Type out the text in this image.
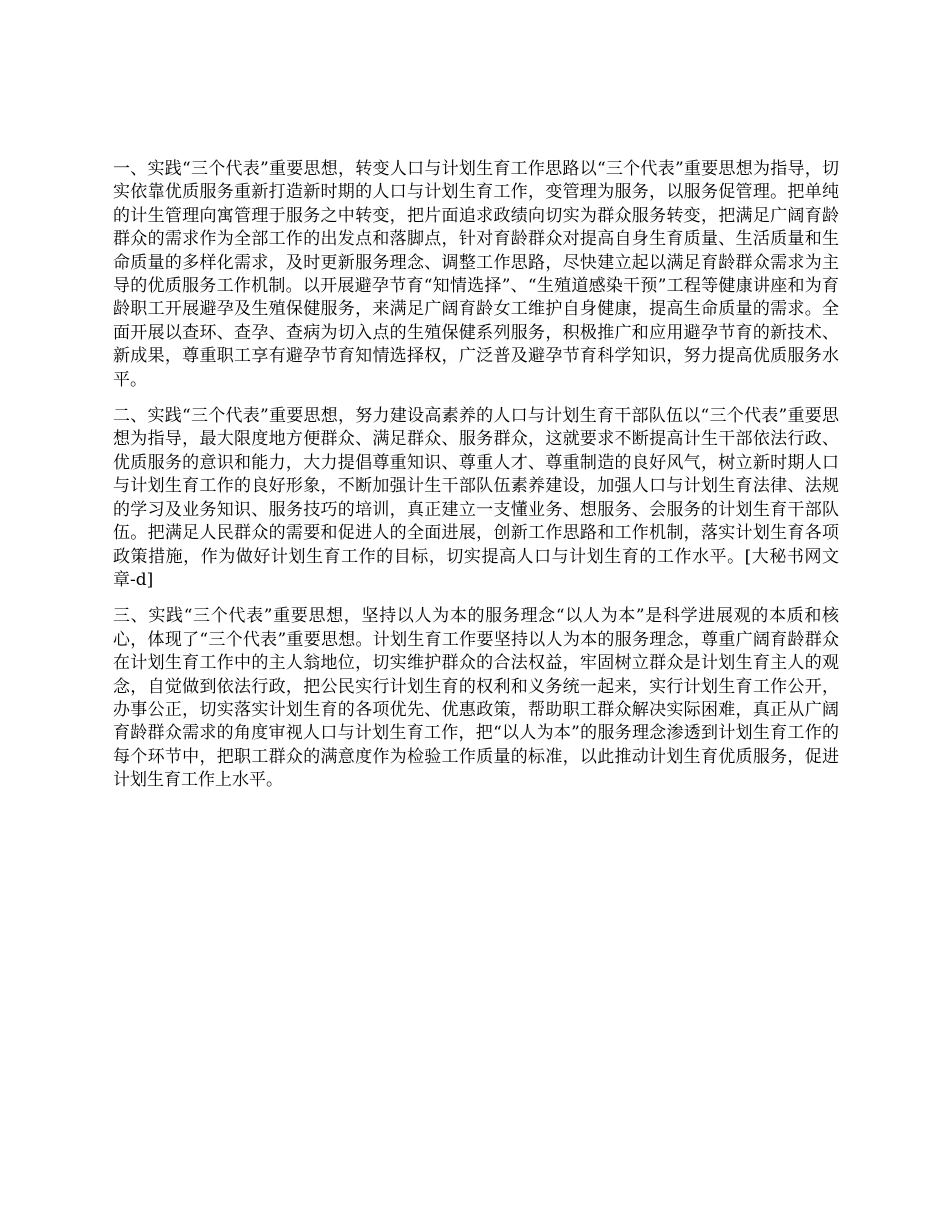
一、实践“三个代表”重要思想，转变人口与计划生育工作思路以“三个代表”重要思想为指导，切实依靠优质服务重新打造新时期的人口与计划生育工作，变管理为服务，以服务促管理。把单纯的计生管理向寓管理于服务之中转变，把片面追求政绩向切实为群众服务转变，把满足广阔育龄群众的需求作为全部工作的出发点和落脚点，针对育龄群众对提高自身生育质量、生活质量和生命质量的多样化需求，及时更新服务理念、调整工作思路，尽快建立起以满足育龄群众需求为主导的优质服务工作机制。以开展避孕节育“知情选择”、“生殖道感染干预”工程等健康讲座和为育龄职工开展避孕及生殖保健服务，来满足广阔育龄女工维护自身健康，提高生命质量的需求。全面开展以查环、查孕、查病为切入点的生殖保健系列服务，积极推广和应用避孕节育的新技术、新成果，尊重职工享有避孕节育知情选择权，广泛普及避孕节育科学知识，努力提高优质服务水平。

二、实践“三个代表”重要思想，努力建设高素养的人口与计划生育干部队伍以“三个代表”重要思想为指导，最大限度地方便群众、满足群众、服务群众，这就要求不断提高计生干部依法行政、优质服务的意识和能力，大力提倡尊重知识、尊重人才、尊重制造的良好风气，树立新时期人口与计划生育工作的良好形象，不断加强计生干部队伍素养建设，加强人口与计划生育法律、法规的学习及业务知识、服务技巧的培训，真正建立一支懂业务、想服务、会服务的计划生育干部队伍。把满足人民群众的需要和促进人的全面进展，创新工作思路和工作机制，落实计划生育各项政策措施，作为做好计划生育工作的目标，切实提高人口与计划生育的工作水平。[大秘书网文章-d]

三、实践“三个代表”重要思想，坚持以人为本的服务理念“以人为本”是科学进展观的本质和核心，体现了“三个代表”重要思想。计划生育工作要坚持以人为本的服务理念，尊重广阔育龄群众在计划生育工作中的主人翁地位，切实维护群众的合法权益，牢固树立群众是计划生育主人的观念，自觉做到依法行政，把公民实行计划生育的权利和义务统一起来，实行计划生育工作公开，办事公正，切实落实计划生育的各项优先、优惠政策，帮助职工群众解决实际困难，真正从广阔育龄群众需求的角度审视人口与计划生育工作，把“以人为本”的服务理念渗透到计划生育工作的每个环节中，把职工群众的满意度作为检验工作质量的标准，以此推动计划生育优质服务，促进计划生育工作上水平。
